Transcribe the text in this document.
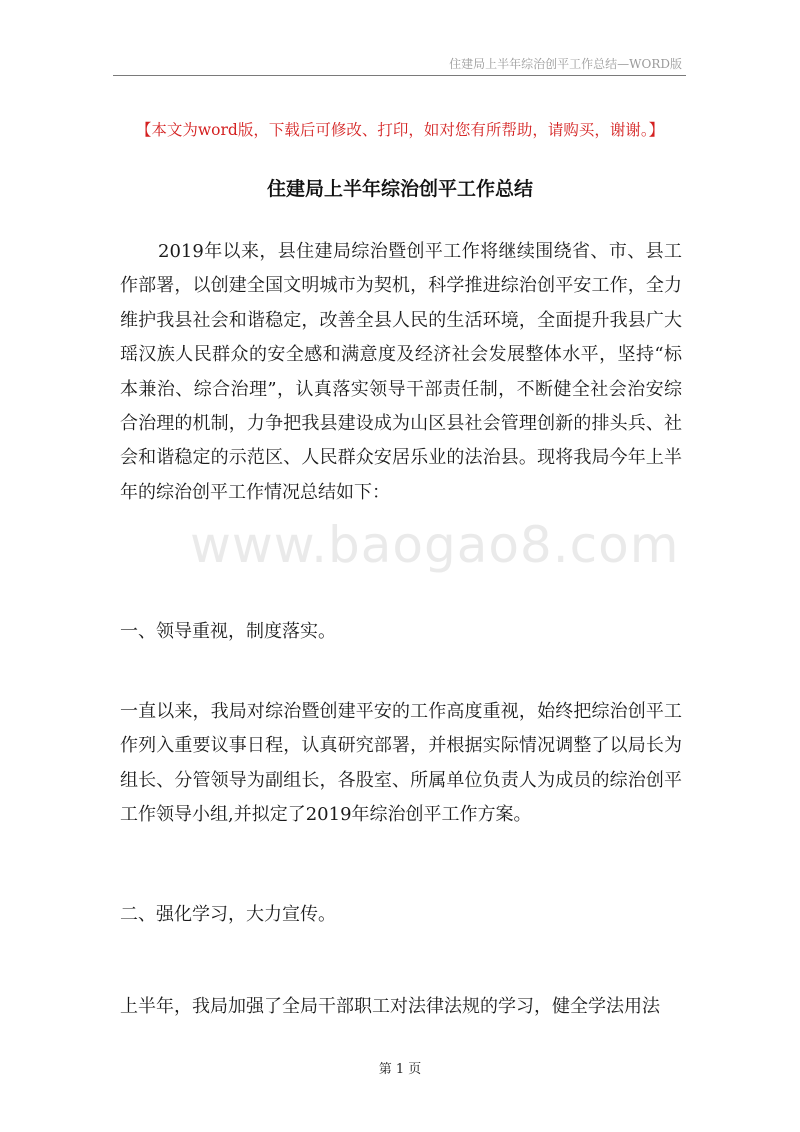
住建局上半年综治创平工作总结—WORD版
【本文为word版，下载后可修改、打印，如对您有所帮助，请购买，谢谢。】
住建局上半年综治创平工作总结
www.baogao8.com

2019年以来，县住建局综治暨创平工作将继续围绕省、市、县工作部署，以创建全国文明城市为契机，科学推进综治创平安工作，全力维护我县社会和谐稳定，改善全县人民的生活环境，全面提升我县广大瑶汉族人民群众的安全感和满意度及经济社会发展整体水平，坚持“标本兼治、综合治理”，认真落实领导干部责任制，不断健全社会治安综合治理的机制，力争把我县建设成为山区县社会管理创新的排头兵、社会和谐稳定的示范区、人民群众安居乐业的法治县。现将我局今年上半年的综治创平工作情况总结如下：

一、领导重视，制度落实。

一直以来，我局对综治暨创建平安的工作高度重视，始终把综治创平工作列入重要议事日程，认真研究部署，并根据实际情况调整了以局长为组长、分管领导为副组长，各股室、所属单位负责人为成员的综治创平工作领导小组,并拟定了2019年综治创平工作方案。

二、强化学习，大力宣传。

上半年，我局加强了全局干部职工对法律法规的学习，健全学法用法

第 1 页
